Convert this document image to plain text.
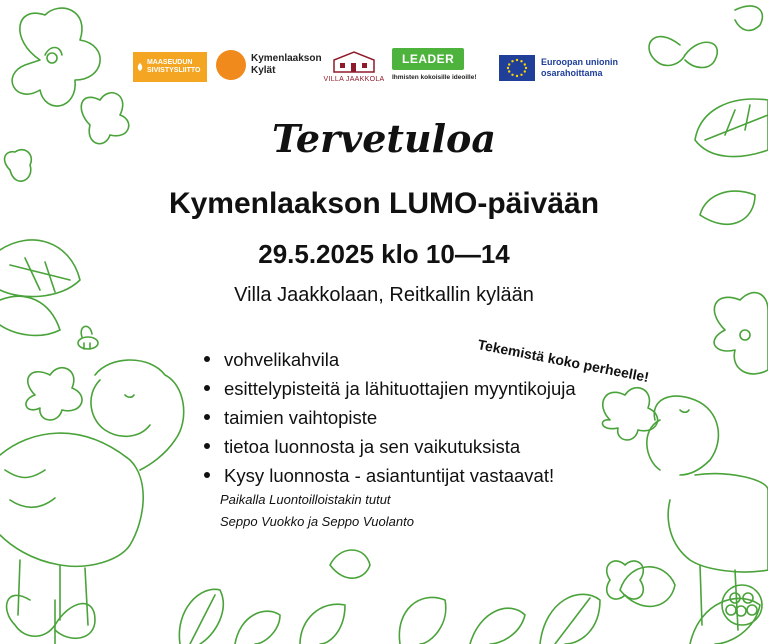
MAASEUDUN SIVISTYSLIITTO
Kymenlaakson
Kylät
VILLA JAAKKOLA
LEADER
Ihmisten kokoisille ideoille!
Euroopan unionin
osarahoittama
Tervetuloa
Kymenlaakson LUMO-päivään
29.5.2025 klo 10—14
Villa Jaakkolaan, Reitkallin kylään
Tekemistä koko perheelle!
vohvelikahvila
esittelypisteitä ja lähituottajien myyntikojuja
taimien vaihtopiste
tietoa luonnosta ja sen vaikutuksista
Kysy luonnosta - asiantuntijat vastaavat!
Paikalla Luontoilloistakin tutut
Seppo Vuokko ja Seppo Vuolanto
